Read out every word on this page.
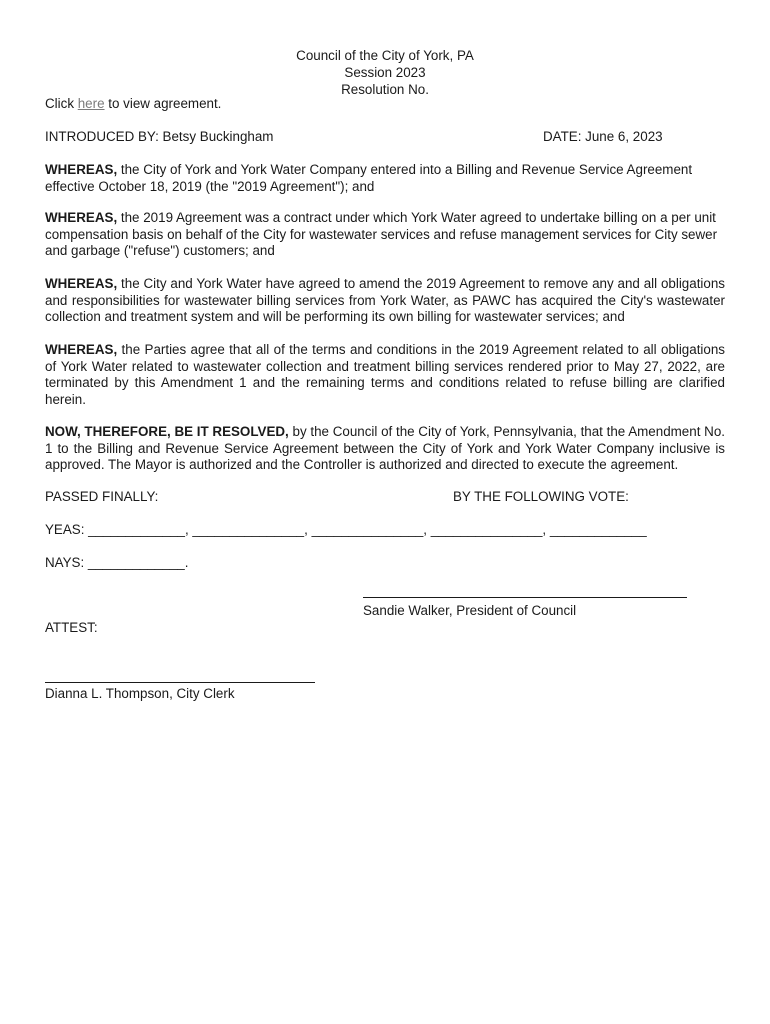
Council of the City of York, PA
Session 2023
Resolution No.
Click here to view agreement.
INTRODUCED BY: Betsy Buckingham	DATE: June 6, 2023
WHEREAS, the City of York and York Water Company entered into a Billing and Revenue Service Agreement effective October 18, 2019 (the "2019 Agreement"); and
WHEREAS, the 2019 Agreement was a contract under which York Water agreed to undertake billing on a per unit compensation basis on behalf of the City for wastewater services and refuse management services for City sewer and garbage ("refuse") customers; and
WHEREAS, the City and York Water have agreed to amend the 2019 Agreement to remove any and all obligations and responsibilities for wastewater billing services from York Water, as PAWC has acquired the City's wastewater collection and treatment system and will be performing its own billing for wastewater services; and
WHEREAS, the Parties agree that all of the terms and conditions in the 2019 Agreement related to all obligations of York Water related to wastewater collection and treatment billing services rendered prior to May 27, 2022, are terminated by this Amendment 1 and the remaining terms and conditions related to refuse billing are clarified herein.
NOW, THEREFORE, BE IT RESOLVED, by the Council of the City of York, Pennsylvania, that the Amendment No. 1 to the Billing and Revenue Service Agreement between the City of York and York Water Company inclusive is approved. The Mayor is authorized and the Controller is authorized and directed to execute the agreement.
PASSED FINALLY:	BY THE FOLLOWING VOTE:
YEAS: _____________, _______________, _______________, _______________, _____________
NAYS: _____________.
Sandie Walker, President of Council
ATTEST:
Dianna L. Thompson, City Clerk
